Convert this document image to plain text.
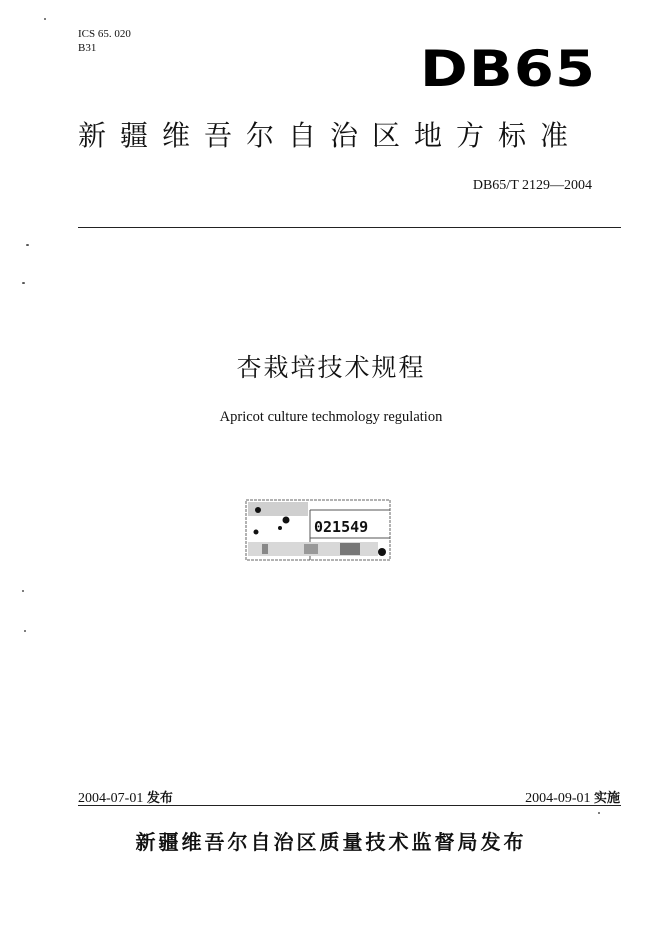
ICS 65. 020
B31	DB65
新疆维吾尔自治区地方标准
DB65/T 2129—2004
杏栽培技术规程
Apricot culture techmology regulation
021549
2004-07-01 发布	2004-09-01 实施
新疆维吾尔自治区质量技术监督局发布
